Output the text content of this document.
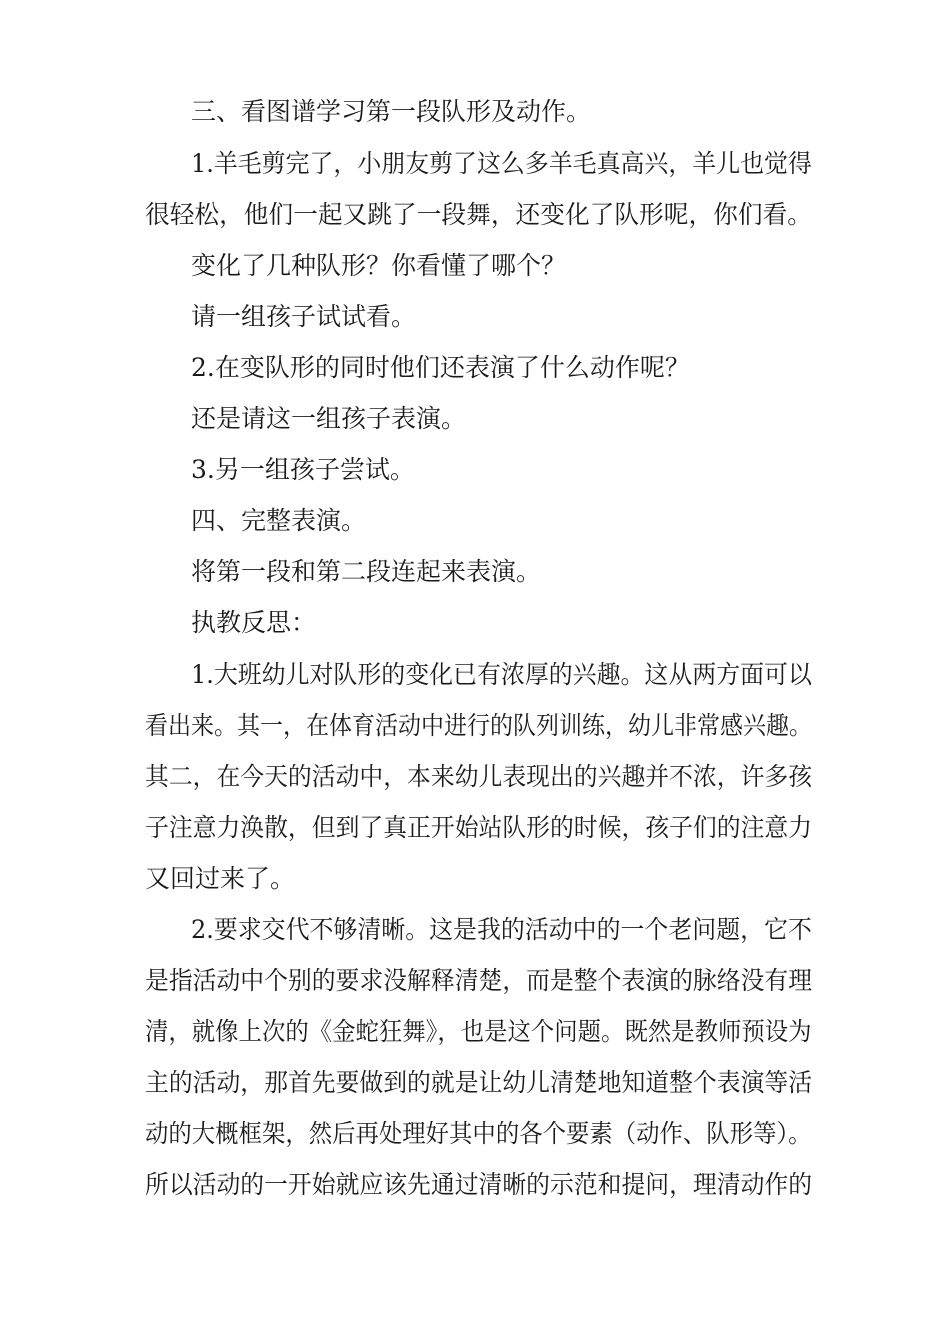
三、看图谱学习第一段队形及动作。
1.羊毛剪完了，小朋友剪了这么多羊毛真高兴，羊儿也觉得
很轻松，他们一起又跳了一段舞，还变化了队形呢，你们看。
变化了几种队形？你看懂了哪个？
请一组孩子试试看。
2.在变队形的同时他们还表演了什么动作呢？
还是请这一组孩子表演。
3.另一组孩子尝试。
四、完整表演。
将第一段和第二段连起来表演。
执教反思：
1.大班幼儿对队形的变化已有浓厚的兴趣。这从两方面可以
看出来。其一，在体育活动中进行的队列训练，幼儿非常感兴趣。
其二，在今天的活动中，本来幼儿表现出的兴趣并不浓，许多孩
子注意力涣散，但到了真正开始站队形的时候，孩子们的注意力
又回过来了。
2.要求交代不够清晰。这是我的活动中的一个老问题，它不
是指活动中个别的要求没解释清楚，而是整个表演的脉络没有理
清，就像上次的《金蛇狂舞》，也是这个问题。既然是教师预设为
主的活动，那首先要做到的就是让幼儿清楚地知道整个表演等活
动的大概框架，然后再处理好其中的各个要素（动作、队形等）。
所以活动的一开始就应该先通过清晰的示范和提问，理清动作的
